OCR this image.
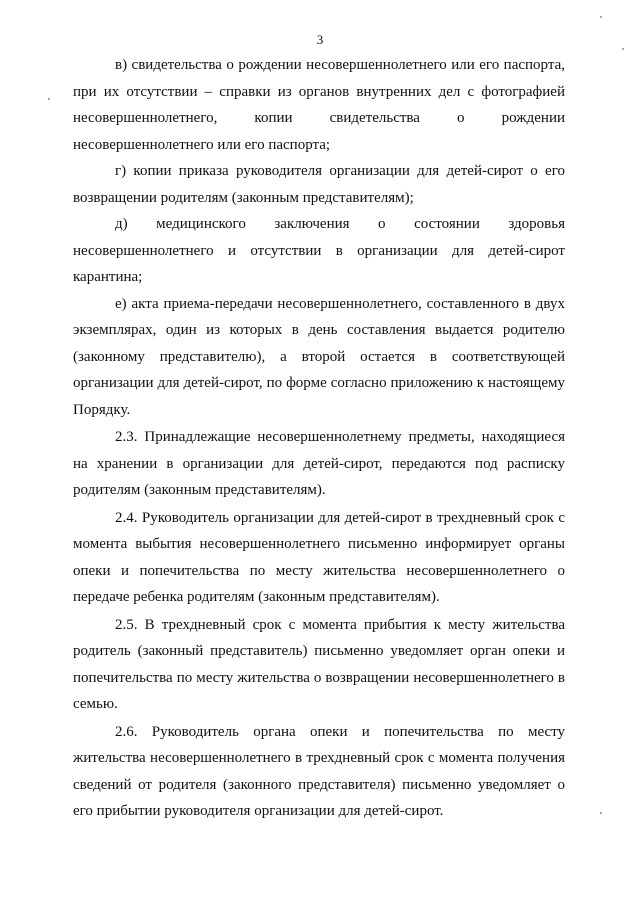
3

в) свидетельства о рождении несовершеннолетнего или его паспорта, при их отсутствии – справки из органов внутренних дел с фотографией несовершеннолетнего, копии свидетельства о рождении несовершеннолетнего или его паспорта;

г) копии приказа руководителя организации для детей-сирот о его возвращении родителям (законным представителям);

д) медицинского заключения о состоянии здоровья несовершеннолетнего и отсутствии в организации для детей-сирот карантина;

е) акта приема-передачи несовершеннолетнего, составленного в двух экземплярах, один из которых в день составления выдается родителю (законному представителю), а второй остается в соответствующей организации для детей-сирот, по форме согласно приложению к настоящему Порядку.

2.3. Принадлежащие несовершеннолетнему предметы, находящиеся на хранении в организации для детей-сирот, передаются под расписку родителям (законным представителям).

2.4. Руководитель организации для детей-сирот в трехдневный срок с момента выбытия несовершеннолетнего письменно информирует органы опеки и попечительства по месту жительства несовершеннолетнего о передаче ребенка родителям (законным представителям).

2.5. В трехдневный срок с момента прибытия к месту жительства родитель (законный представитель) письменно уведомляет орган опеки и попечительства по месту жительства о возвращении несовершеннолетнего в семью.

2.6. Руководитель органа опеки и попечительства по месту жительства несовершеннолетнего в трехдневный срок с момента получения сведений от родителя (законного представителя) письменно уведомляет о его прибытии руководителя организации для детей-сирот.
